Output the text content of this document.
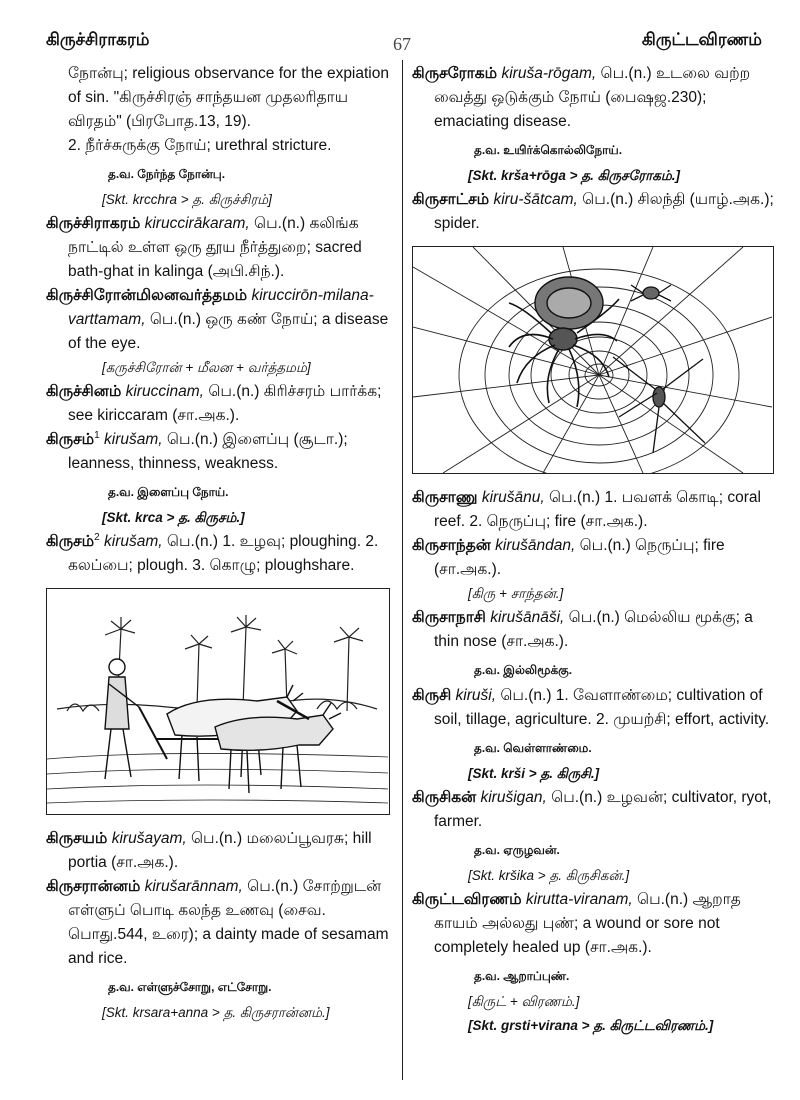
கிருச்சிராகரம்	67	கிருட்டவிரணம்

நோன்பு; religious observance for the expiation of sin. "கிருச்சிரஞ் சாந்தயன முதலரிதாய விரதம்" (பிரபோத.13, 19).

2. நீர்ச்சுருக்கு நோய்; urethral stricture.

த.வ. நேர்ந்த நோன்பு.

[Skt. krcchra > த. கிருச்சிரம்]

கிருச்சிராகரம் kiruccirākaram, பெ.(n.) கலிங்க நாட்டில் உள்ள ஒரு தூய நீர்த்துறை; sacred bath-ghat in kalinga (அபி.சிந்.).

கிருச்சிரோன்மிலனவர்த்தமம் kiruccirōn-milana-varttamam, பெ.(n.) ஒரு கண் நோய்; a disease of the eye.

[கருச்சிரோன் + மீலன + வர்த்தமம்]

கிருச்சினம் kiruccinam, பெ.(n.) கிரிச்சரம் பார்க்க; see kiriccaram (சா.அக.).

கிருசம்$^1$ kirušam, பெ.(n.) இளைப்பு (சூடா.); leanness, thinness, weakness.

த.வ. இளைப்பு நோய்.

[Skt. krca > த. கிருசம்.]

கிருசம்$^2$ kirušam, பெ.(n.) 1. உழவு; ploughing. 2. கலப்பை; plough. 3. கொழு; ploughshare.

கிருசயம் kirušayam, பெ.(n.) மலைப்பூவரசு; hill portia (சா.அக.).

கிருசரான்னம் kirušarānnam, பெ.(n.) சோற்றுடன் எள்ளுப் பொடி கலந்த உணவு (சைவ. பொது.544, உரை); a dainty made of sesamam and rice.

த.வ. எள்ளுச்சோறு, எட்சோறு.

[Skt. krsara+anna > த. கிருசரான்னம்.]

கிருசரோகம் kiruša-rōgam, பெ.(n.) உடலை வற்ற வைத்து ஒடுக்கும் நோய் (பைஷஜ.230); emaciating disease.

த.வ. உயிர்க்கொல்லிநோய்.

[Skt. krša+rōga > த. கிருசரோகம்.]

கிருசாட்சம் kiru-šātcam, பெ.(n.) சிலந்தி (யாழ்.அக.); spider.

கிருசாணு kirušānu, பெ.(n.) 1. பவளக் கொடி; coral reef. 2. நெருப்பு; fire (சா.அக.).

கிருசாந்தன் kirušāndan, பெ.(n.) நெருப்பு; fire (சா.அக.).

[கிரு + சாந்தன்.]

கிருசாநாசி kirušānāši, பெ.(n.) மெல்லிய மூக்கு; a thin nose (சா.அக.).

த.வ. இல்லிமூக்கு.

கிருசி kiruši, பெ.(n.) 1. வேளாண்மை; cultivation of soil, tillage, agriculture. 2. முயற்சி; effort, activity.

த.வ. வெள்ளாண்மை.

[Skt. krši > த. கிருசி.]

கிருசிகன் kirušigan, பெ.(n.) உழவன்; cultivator, ryot, farmer.

த.வ. ஏருழவன்.

[Skt. kršika > த. கிருசிகன்.]

கிருட்டவிரணம் kirutta-viranam, பெ.(n.) ஆறாத காயம் அல்லது புண்; a wound or sore not completely healed up (சா.அக.).

த.வ. ஆறாப்புண்.

[கிருட் + விரணம்.]

[Skt. grsti+virana > த. கிருட்டவிரணம்.]
